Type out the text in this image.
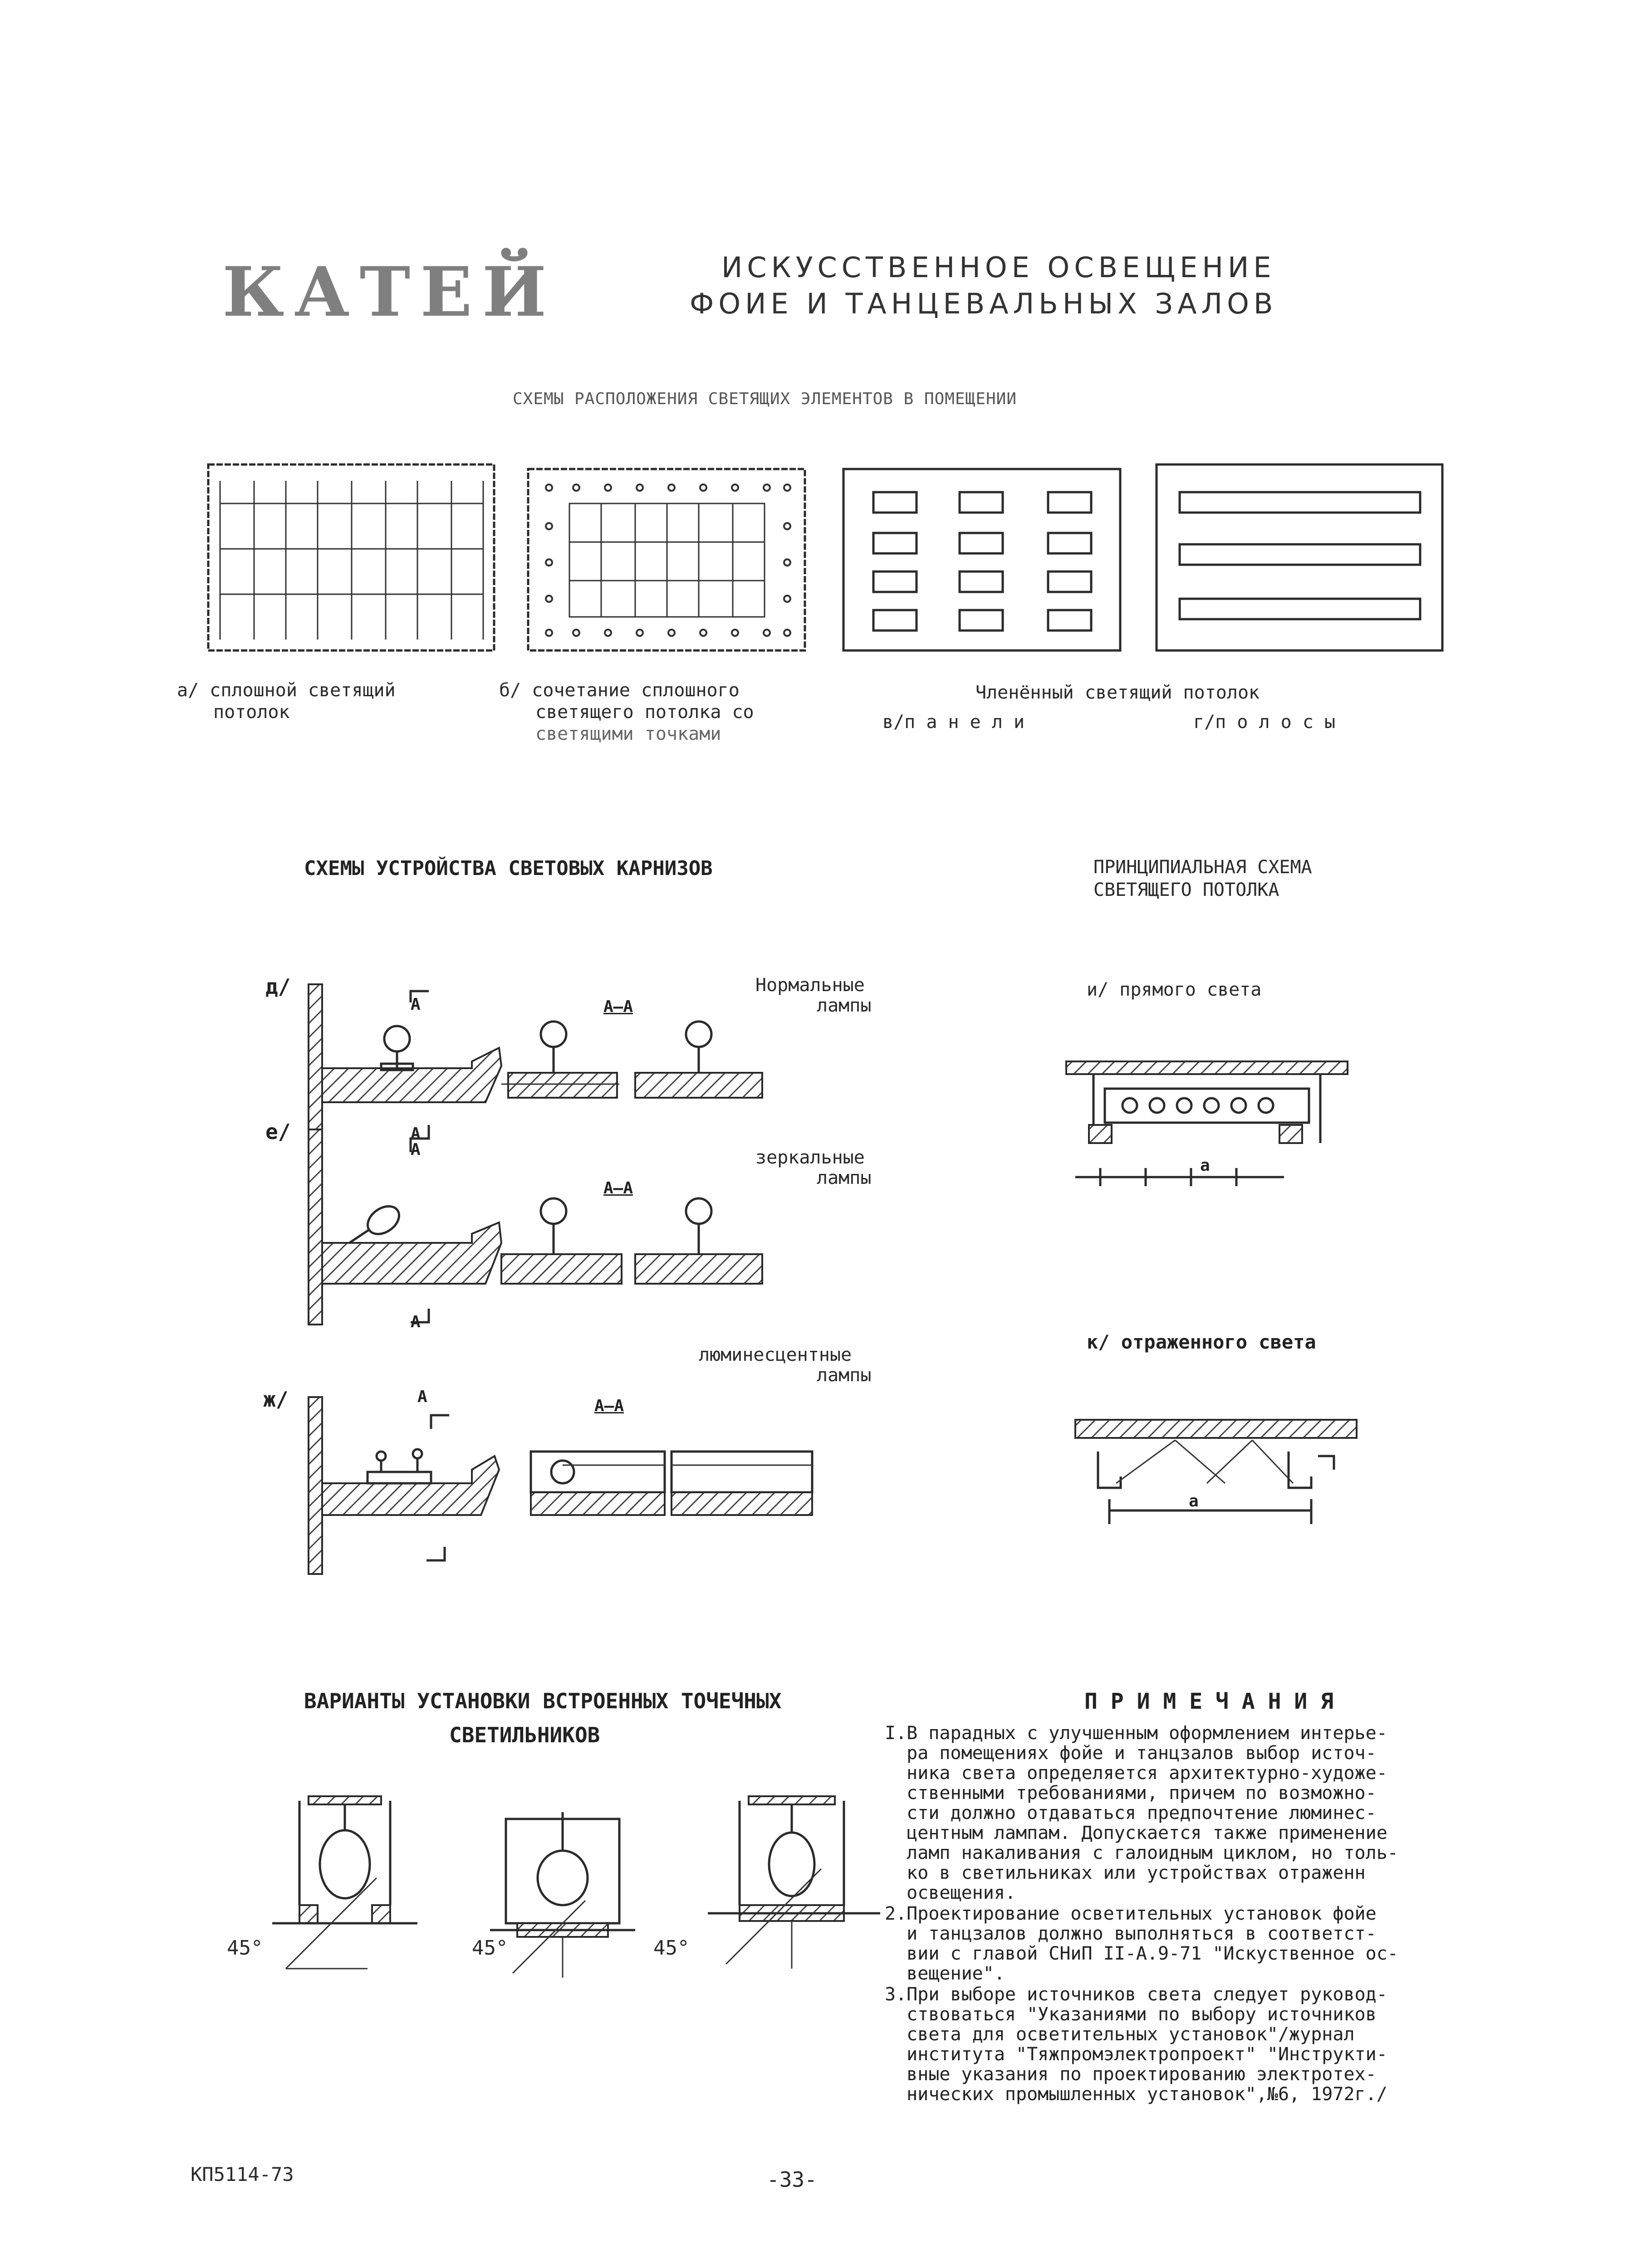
КАТЕЙ	ИСКУССТВЕННОЕ ОСВЕЩЕНИЕ
ФОИЕ И ТАНЦЕВАЛЬНЫХ ЗАЛОВ
СХЕМЫ РАСПОЛОЖЕНИЯ СВЕТЯЩИХ ЭЛЕМЕНТОВ В ПОМЕЩЕНИИ
а/ сплошной светящий
потолок
б/ сочетание сплошного
светящего потолка со
светящими точками
Членённый светящий потолок
в/п а н е л и	г/п о л о с ы
СХЕМЫ УСТРОЙСТВА СВЕТОВЫХ КАРНИЗОВ
д/
е/
ж/
Нормальные
лампы
зеркальные
лампы
люминесцентные
лампы
А
А
А–А
А
А
А–А
А	А–А
ПРИНЦИПИАЛЬНАЯ СХЕМА
СВЕТЯЩЕГО ПОТОЛКА
и/ прямого света
а
к/ отраженного света
а
ВАРИАНТЫ УСТАНОВКИ ВСТРОЕННЫХ ТОЧЕЧНЫХ
СВЕТИЛЬНИКОВ
45°	45°	45°
П Р И М Е Ч А Н И Я
I.В парадных с улучшенным оформлением интерье-
ра помещениях фойе и танцзалов выбор источ-
ника света определяется архитектурно-художе-
ственными требованиями, причем по возможно-
сти должно отдаваться предпочтение люминес-
центным лампам. Допускается также применение
ламп накаливания с галоидным циклом, но толь-
ко в светильниках или устройствах отраженн
освещения.
2.Проектирование осветительных установок фойе
и танцзалов должно выполняться в соответст-
вии с главой СНиП II-А.9-71 "Искуственное ос-
вещение".
3.При выборе источников света следует руковод-
ствоваться "Указаниями по выбору источников
света для осветительных установок"/журнал
института "Тяжпромэлектропроект" "Инструкти-
вные указания по проектированию электротех-
нических промышленных установок",№6, 1972г./
КП5114-73	-33-
